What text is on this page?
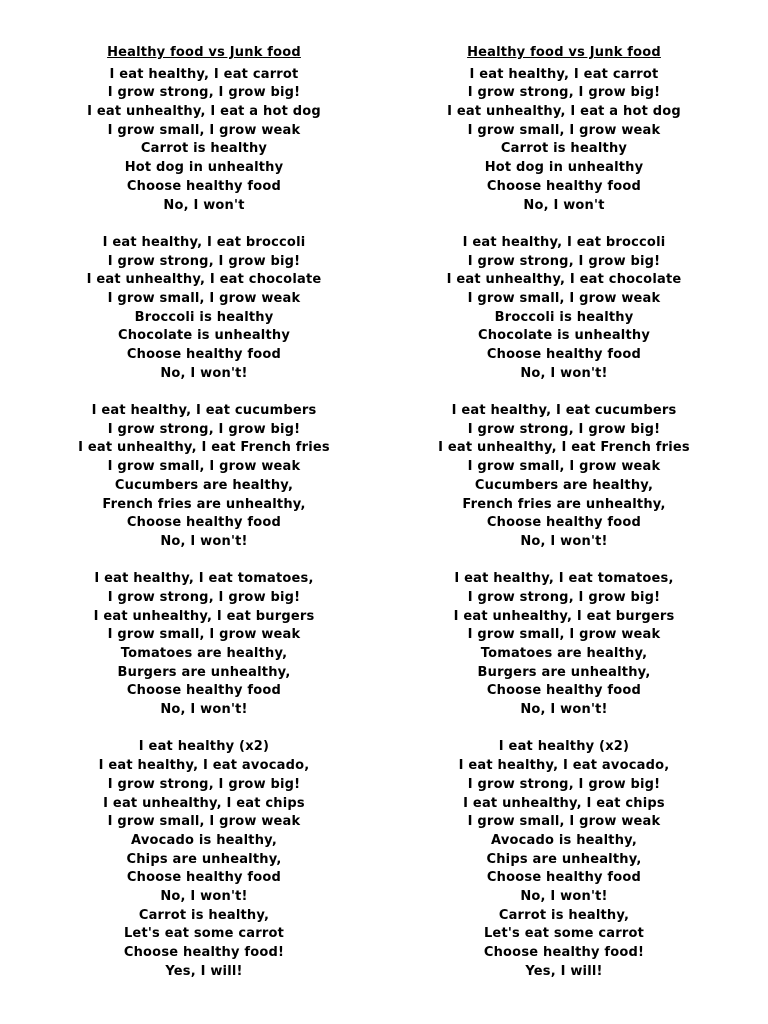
Healthy food vs Junk food
I eat healthy, I eat carrot
I grow strong, I grow big!
I eat unhealthy, I eat a hot dog
I grow small, I grow weak
Carrot is healthy
Hot dog in unhealthy
Choose healthy food
No, I won't
I eat healthy, I eat broccoli
I grow strong, I grow big!
I eat unhealthy, I eat chocolate
I grow small, I grow weak
Broccoli is healthy
Chocolate is unhealthy
Choose healthy food
No, I won't!
I eat healthy, I eat cucumbers
I grow strong, I grow big!
I eat unhealthy, I eat French fries
I grow small, I grow weak
Cucumbers are healthy,
French fries are unhealthy,
Choose healthy food
No, I won't!
I eat healthy, I eat tomatoes,
I grow strong, I grow big!
I eat unhealthy, I eat burgers
I grow small, I grow weak
Tomatoes are healthy,
Burgers are unhealthy,
Choose healthy food
No, I won't!
I eat healthy (x2)
I eat healthy, I eat avocado,
I grow strong, I grow big!
I eat unhealthy, I eat chips
I grow small, I grow weak
Avocado is healthy,
Chips are unhealthy,
Choose healthy food
No, I won't!
Carrot is healthy,
Let's eat some carrot
Choose healthy food!
Yes, I will!
Healthy food vs Junk food
I eat healthy, I eat carrot
I grow strong, I grow big!
I eat unhealthy, I eat a hot dog
I grow small, I grow weak
Carrot is healthy
Hot dog in unhealthy
Choose healthy food
No, I won't
I eat healthy, I eat broccoli
I grow strong, I grow big!
I eat unhealthy, I eat chocolate
I grow small, I grow weak
Broccoli is healthy
Chocolate is unhealthy
Choose healthy food
No, I won't!
I eat healthy, I eat cucumbers
I grow strong, I grow big!
I eat unhealthy, I eat French fries
I grow small, I grow weak
Cucumbers are healthy,
French fries are unhealthy,
Choose healthy food
No, I won't!
I eat healthy, I eat tomatoes,
I grow strong, I grow big!
I eat unhealthy, I eat burgers
I grow small, I grow weak
Tomatoes are healthy,
Burgers are unhealthy,
Choose healthy food
No, I won't!
I eat healthy (x2)
I eat healthy, I eat avocado,
I grow strong, I grow big!
I eat unhealthy, I eat chips
I grow small, I grow weak
Avocado is healthy,
Chips are unhealthy,
Choose healthy food
No, I won't!
Carrot is healthy,
Let's eat some carrot
Choose healthy food!
Yes, I will!
